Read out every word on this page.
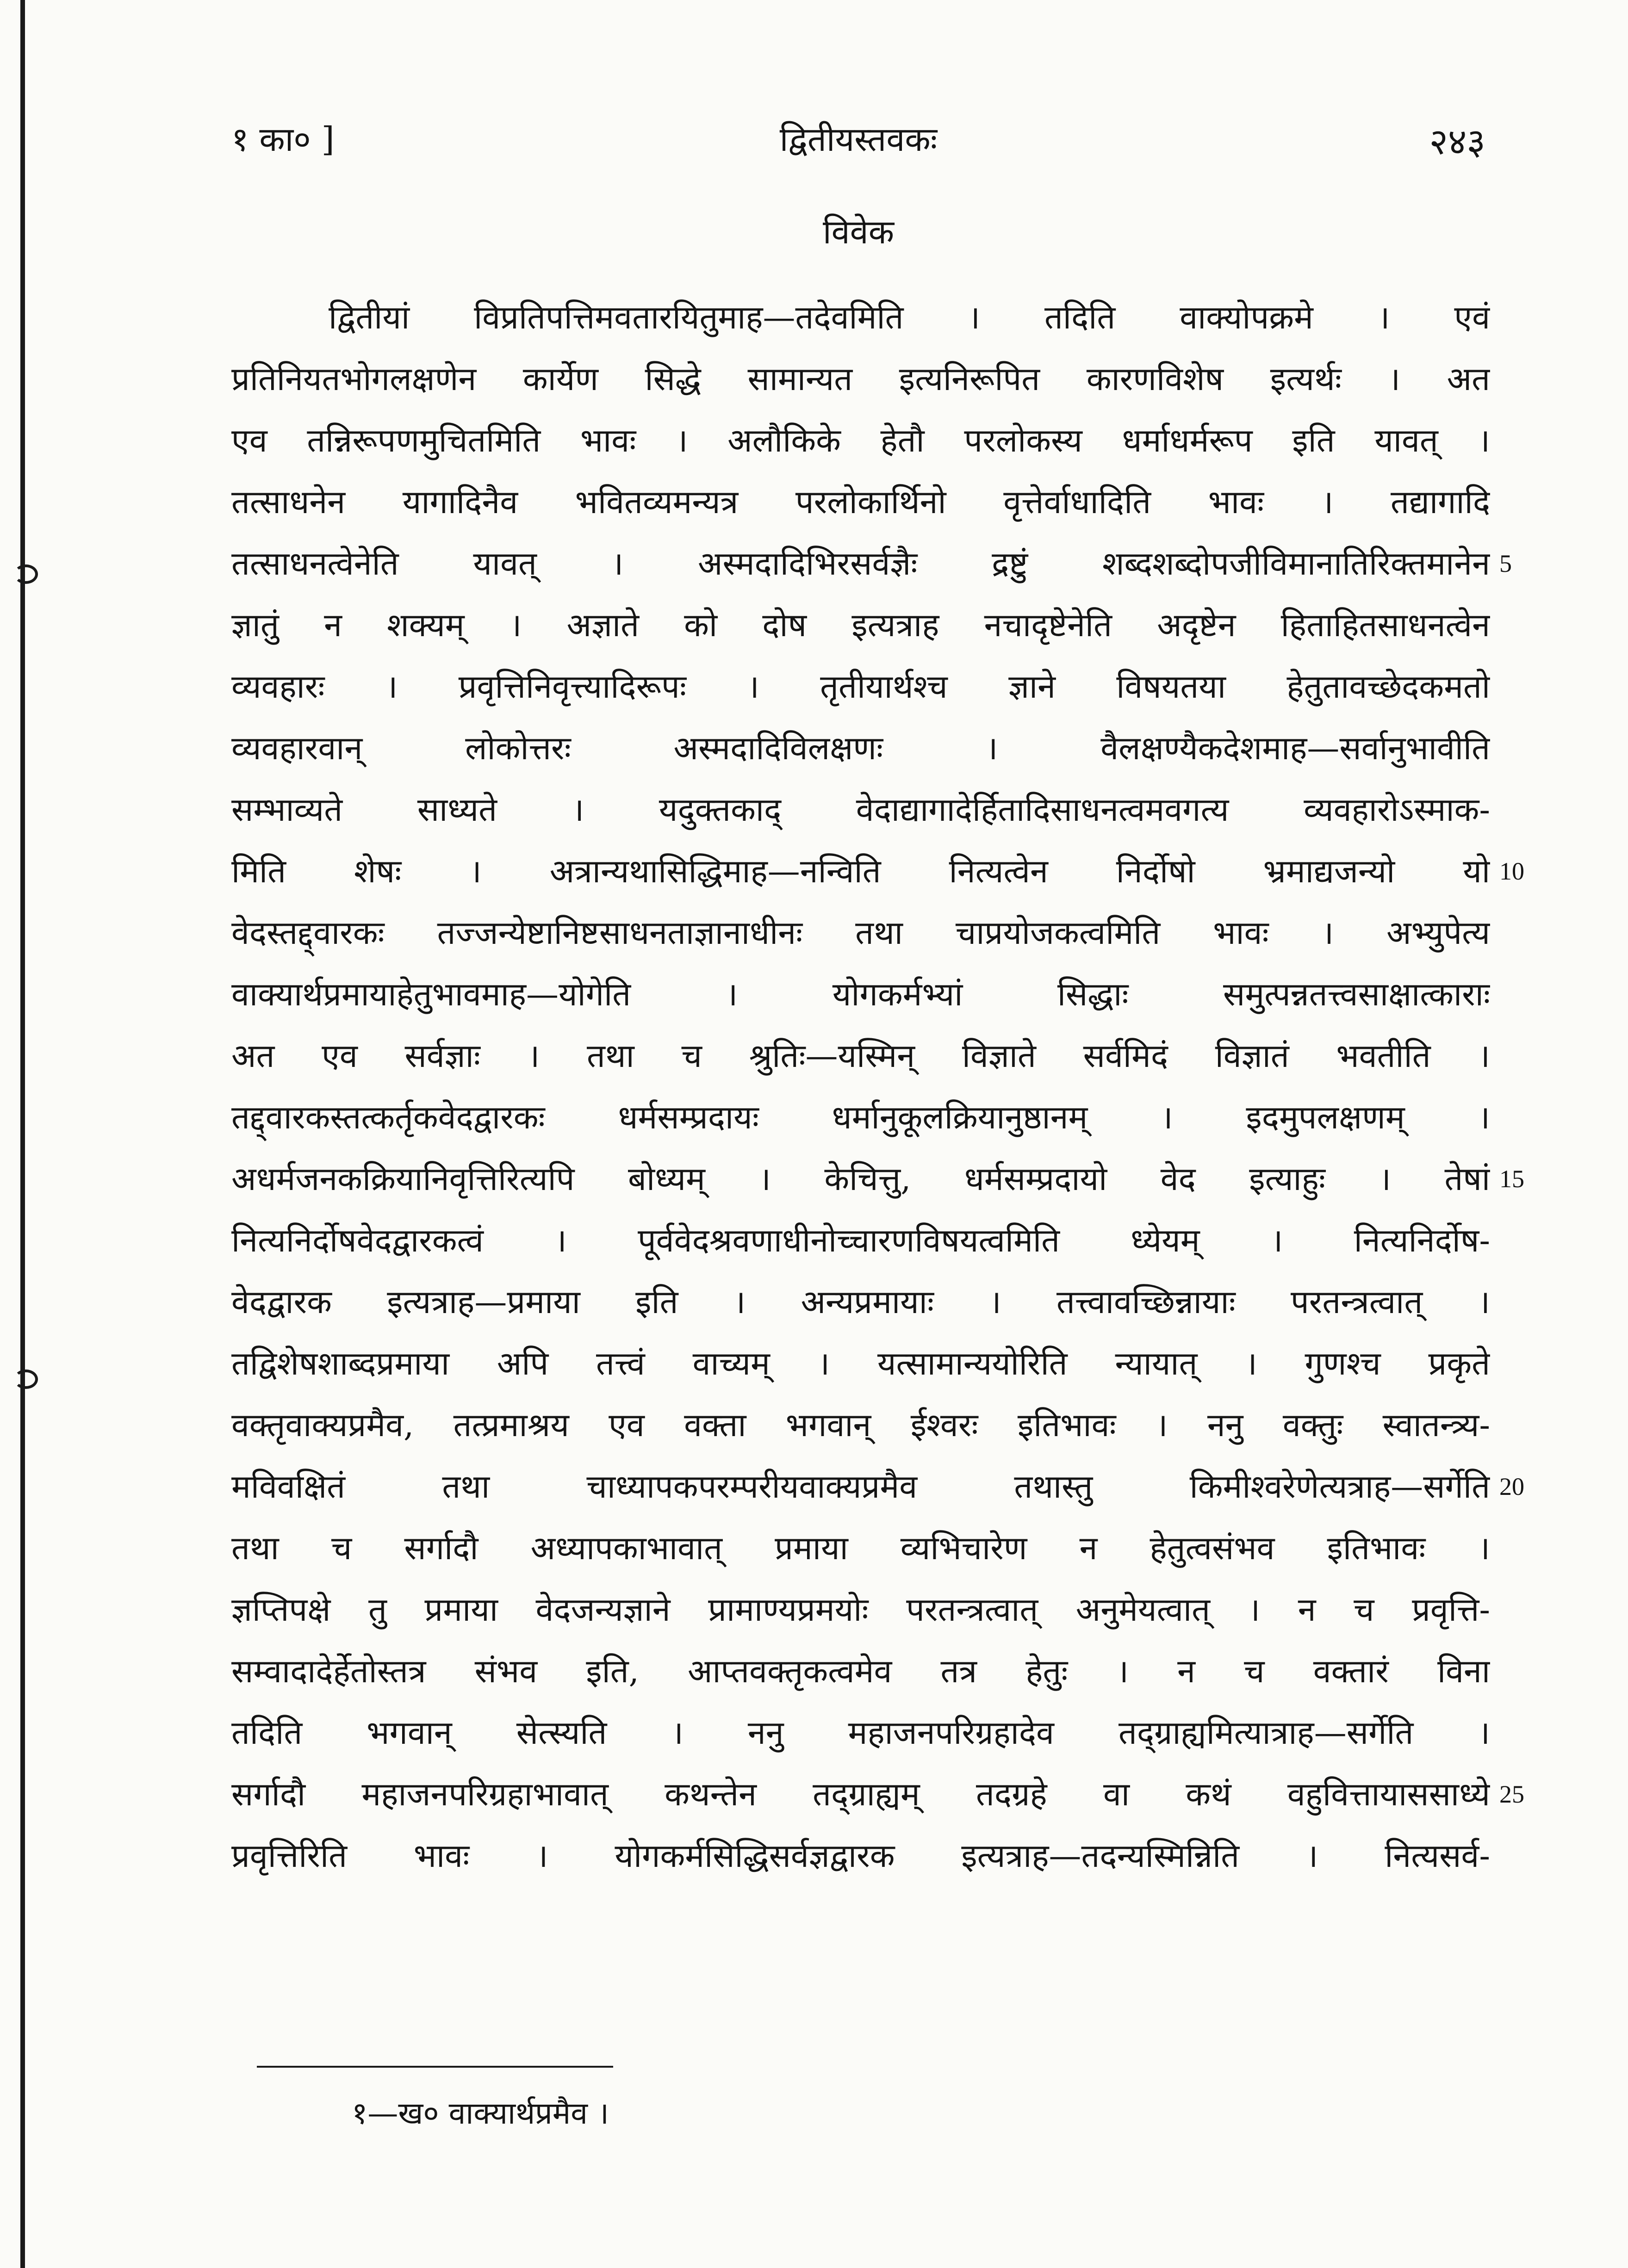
१ का० ]	द्वितीयस्तवकः	२४३
विवेक
द्वितीयां विप्रतिपत्तिमवतारयितुमाह—तदेवमिति । तदिति वाक्योपक्रमे । एवं
प्रतिनियतभोगलक्षणेन कार्येण सिद्धे सामान्यत इत्यनिरूपित कारणविशेष इत्यर्थः । अत
एव तन्निरूपणमुचितमिति भावः । अलौकिके हेतौ परलोकस्य धर्माधर्मरूप इति यावत् ।
तत्साधनेन यागादिनैव भवितव्यमन्यत्र परलोकार्थिनो वृत्तेर्वाधादिति भावः । तद्यागादि
तत्साधनत्वेनेति यावत् । अस्मदादिभिरसर्वज्ञैः द्रष्टुं शब्दशब्दोपजीविमानातिरिक्तमानेन
ज्ञातुं न शक्यम् । अज्ञाते को दोष इत्यत्राह नचादृष्टेनेति अदृष्टेन हिताहितसाधनत्वेन
व्यवहारः । प्रवृत्तिनिवृत्त्यादिरूपः । तृतीयार्थश्च ज्ञाने विषयतया हेतुतावच्छेदकमतो
व्यवहारवान् लोकोत्तरः अस्मदादिविलक्षणः । वैलक्षण्यैकदेशमाह—सर्वानुभावीति
सम्भाव्यते साध्यते । यदुक्तकाद् वेदाद्यागादेर्हितादिसाधनत्वमवगत्य व्यवहारोऽस्माक-
मिति शेषः । अत्रान्यथासिद्धिमाह—नन्विति नित्यत्वेन निर्दोषो भ्रमाद्यजन्यो यो
वेदस्तद्द्वारकः तज्जन्येष्टानिष्टसाधनताज्ञानाधीनः तथा चाप्रयोजकत्वमिति भावः । अभ्युपेत्य
वाक्यार्थप्रमायाहेतुभावमाह—योगेति । योगकर्मभ्यां सिद्धाः समुत्पन्नतत्त्वसाक्षात्काराः
अत एव सर्वज्ञाः । तथा च श्रुतिः—यस्मिन् विज्ञाते सर्वमिदं विज्ञातं भवतीति ।
तद्द्वारकस्तत्कर्तृकवेदद्वारकः धर्मसम्प्रदायः धर्मानुकूलक्रियानुष्ठानम् । इदमुपलक्षणम् ।
अधर्मजनकक्रियानिवृत्तिरित्यपि बोध्यम् । केचित्तु, धर्मसम्प्रदायो वेद इत्याहुः । तेषां
नित्यनिर्दोषवेदद्वारकत्वं । पूर्ववेदश्रवणाधीनोच्चारणविषयत्वमिति ध्येयम् । नित्यनिर्दोष-
वेदद्वारक इत्यत्राह—प्रमाया इति । अन्यप्रमायाः । तत्त्वावच्छिन्नायाः परतन्त्रत्वात् ।
तद्विशेषशाब्दप्रमाया अपि तत्त्वं वाच्यम् । यत्सामान्ययोरिति न्यायात् । गुणश्च प्रकृते
वक्तृवाक्यप्रमैव, तत्प्रमाश्रय एव वक्ता भगवान् ईश्वरः इतिभावः । ननु वक्तुः स्वातन्त्र्य-
मविवक्षितं तथा चाध्यापकपरम्परीयवाक्यप्रमैव तथास्तु किमीश्वरेणेत्यत्राह—सर्गेति
तथा च सर्गादौ अध्यापकाभावात् प्रमाया व्यभिचारेण न हेतुत्वसंभव इतिभावः ।
ज्ञप्तिपक्षे तु प्रमाया वेदजन्यज्ञाने प्रामाण्यप्रमयोः परतन्त्रत्वात् अनुमेयत्वात् । न च प्रवृत्ति-
सम्वादादेर्हेतोस्तत्र संभव इति, आप्तवक्तृकत्वमेव तत्र हेतुः । न च वक्तारं विना
तदिति भगवान् सेत्स्यति । ननु महाजनपरिग्रहादेव तद्ग्राह्यमित्यात्राह—सर्गेति ।
सर्गादौ महाजनपरिग्रहाभावात् कथन्तेन तद्ग्राह्यम् तदग्रहे वा कथं वहुवित्तायाससाध्ये
प्रवृत्तिरिति भावः । योगकर्मसिद्धिसर्वज्ञद्वारक इत्यत्राह—तदन्यस्मिन्निति । नित्यसर्व-
5
10
15
20
25
१—ख० वाक्यार्थप्रमैव ।
